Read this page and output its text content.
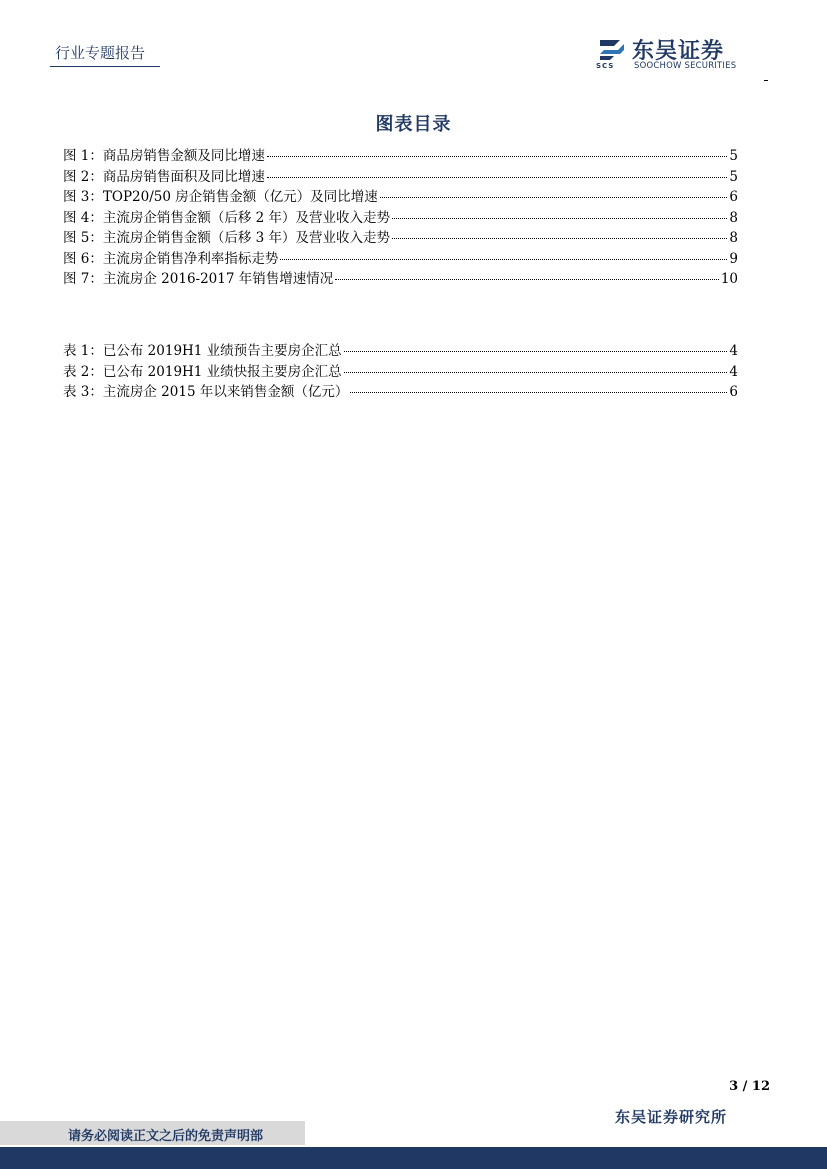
行业专题报告	东吴证券
SOOCHOW SECURITIES
SCS
图表目录
图 1：商品房销售金额及同比增速	5
图 2：商品房销售面积及同比增速	5
图 3：TOP20/50 房企销售金额（亿元）及同比增速	6
图 4：主流房企销售金额（后移 2 年）及营业收入走势	8
图 5：主流房企销售金额（后移 3 年）及营业收入走势	8
图 6：主流房企销售净利率指标走势	9
图 7：主流房企 2016-2017 年销售增速情况	10
表 1：已公布 2019H1 业绩预告主要房企汇总	4
表 2：已公布 2019H1 业绩快报主要房企汇总	4
表 3：主流房企 2015 年以来销售金额（亿元）	6
3 / 12
东吴证券研究所
请务必阅读正文之后的免责声明部
